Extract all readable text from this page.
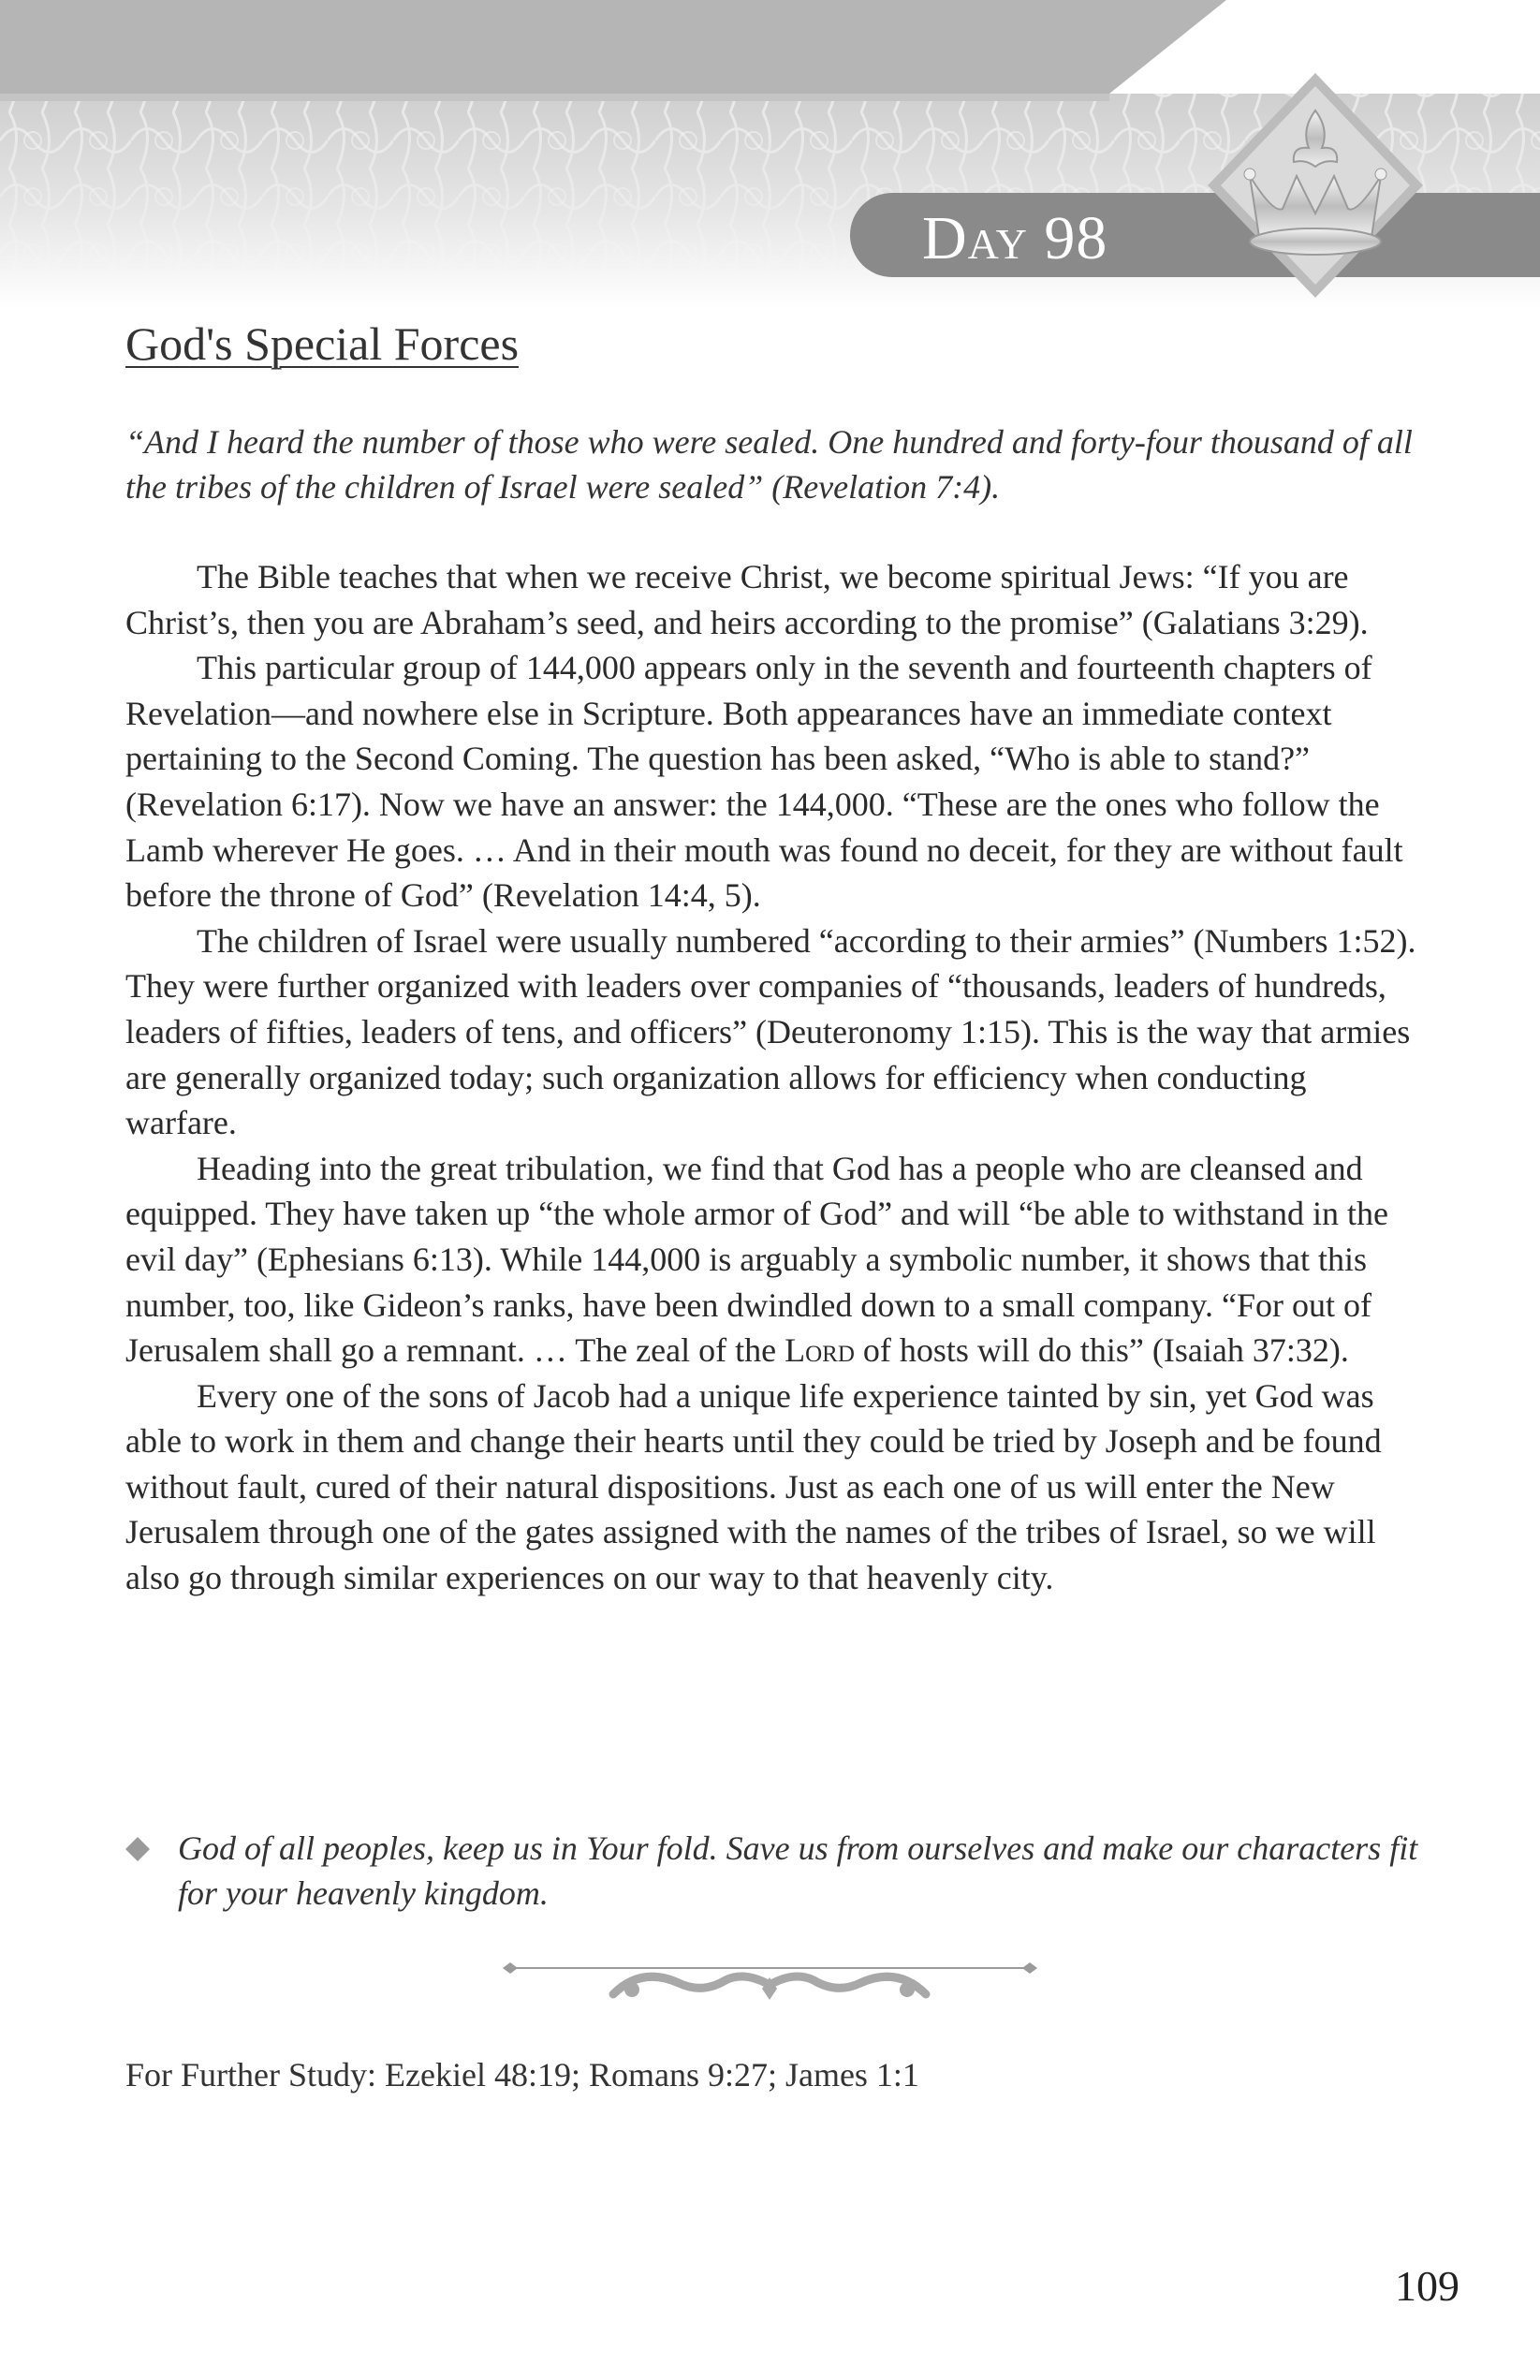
Day 98
God's Special Forces
“And I heard the number of those who were sealed. One hundred and forty-four thousand of all the tribes of the children of Israel were sealed” (Revelation 7:4).

The Bible teaches that when we receive Christ, we become spiritual Jews: “If you are Christ’s, then you are Abraham’s seed, and heirs according to the promise” (Galatians 3:29).

This particular group of 144,000 appears only in the seventh and fourteenth chapters of Revelation—and nowhere else in Scripture. Both appearances have an immediate context pertaining to the Second Coming. The question has been asked, “Who is able to stand?” (Revelation 6:17). Now we have an answer: the 144,000. “These are the ones who follow the Lamb wherever He goes. … And in their mouth was found no deceit, for they are without fault before the throne of God” (Revelation 14:4, 5).

The children of Israel were usually numbered “according to their armies” (Numbers 1:52). They were further organized with leaders over companies of “thousands, leaders of hundreds, leaders of fifties, leaders of tens, and officers” (Deuteronomy 1:15). This is the way that armies are generally organized today; such organization allows for efficiency when conducting warfare.

Heading into the great tribulation, we find that God has a people who are cleansed and equipped. They have taken up “the whole armor of God” and will “be able to withstand in the evil day” (Ephesians 6:13). While 144,000 is arguably a symbolic number, it shows that this number, too, like Gideon’s ranks, have been dwindled down to a small company. “For out of Jerusalem shall go a remnant. … The zeal of the Lord of hosts will do this” (Isaiah 37:32).

Every one of the sons of Jacob had a unique life experience tainted by sin, yet God was able to work in them and change their hearts until they could be tried by Joseph and be found without fault, cured of their natural dispositions. Just as each one of us will enter the New Jerusalem through one of the gates assigned with the names of the tribes of Israel, so we will also go through similar experiences on our way to that heavenly city.

God of all peoples, keep us in Your fold. Save us from ourselves and make our characters fit for your heavenly kingdom.
For Further Study: Ezekiel 48:19; Romans 9:27; James 1:1
109
